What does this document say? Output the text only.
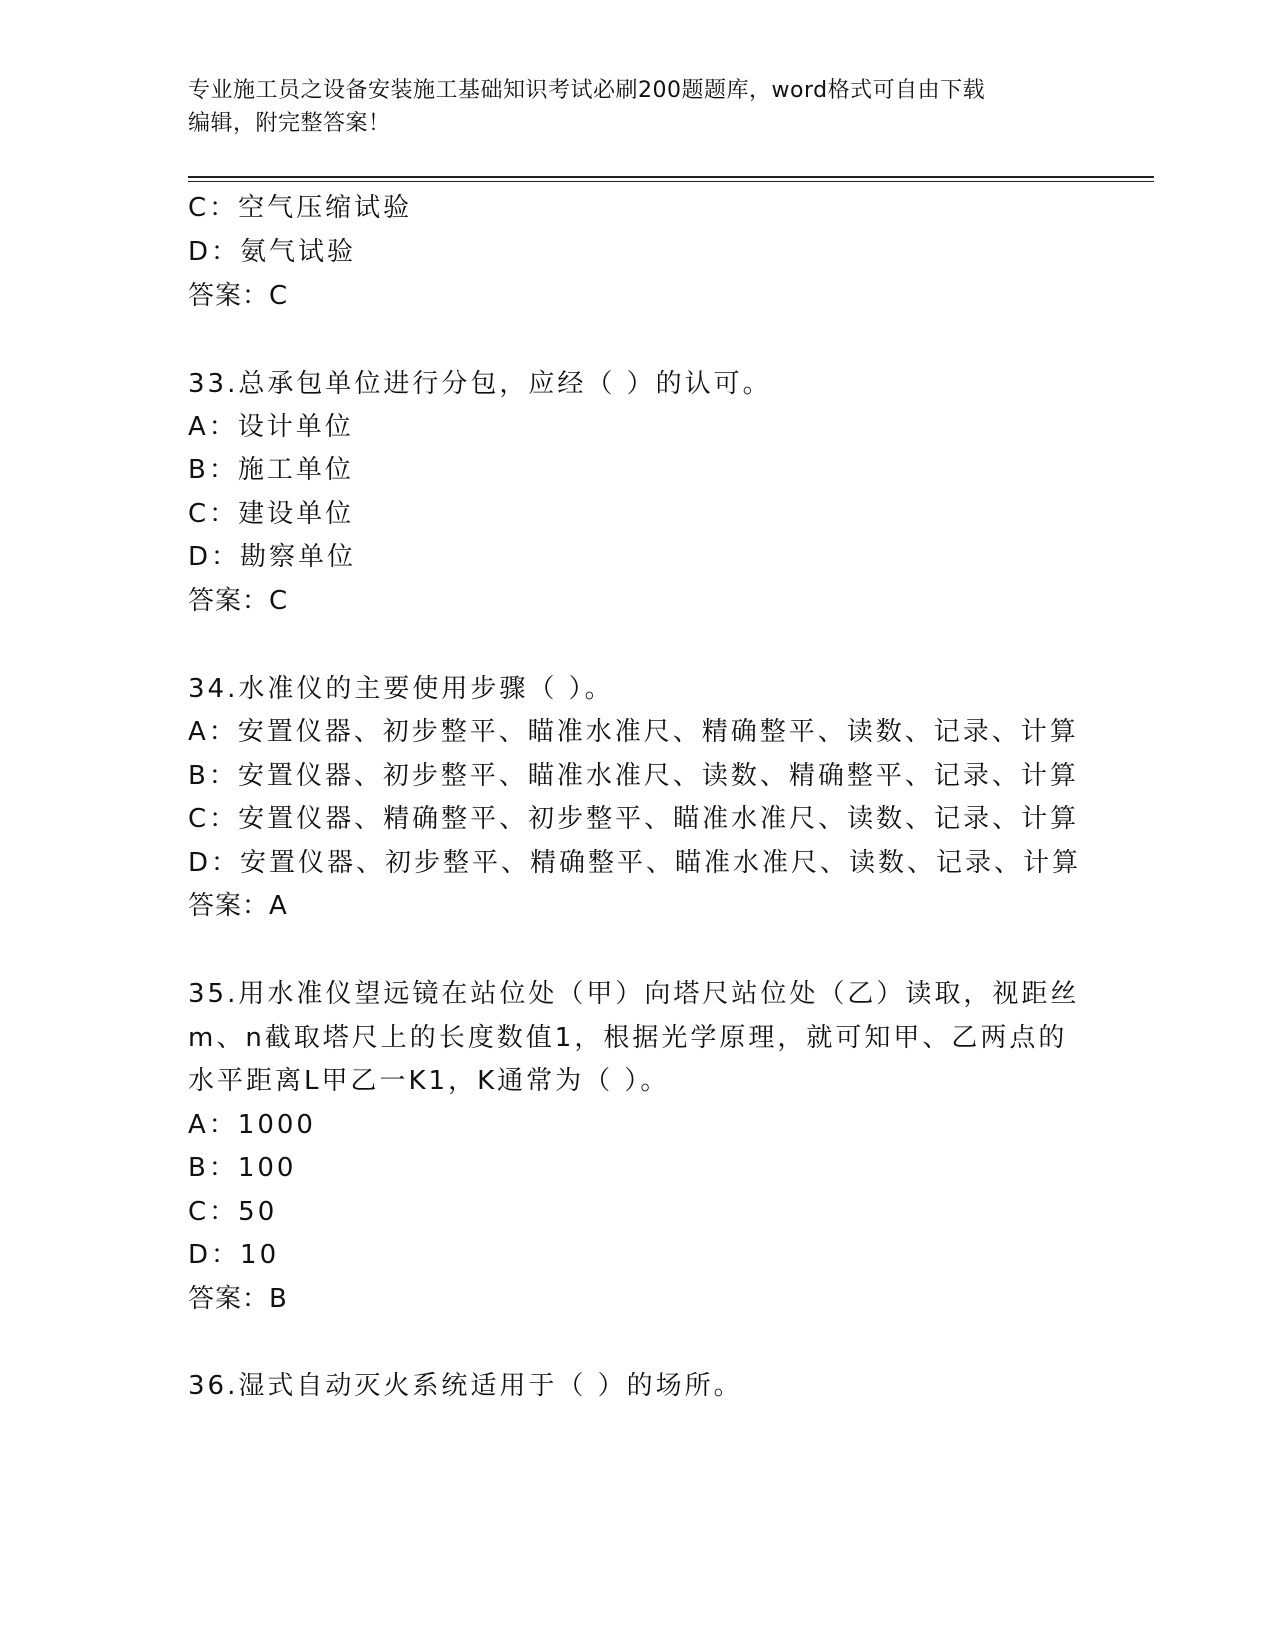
专业施工员之设备安装施工基础知识考试必刷200题题库，word格式可自由下载
编辑，附完整答案！
C：空气压缩试验
D：氨气试验
答案：C
33.总承包单位进行分包，应经（ ）的认可。
A：设计单位
B：施工单位
C：建设单位
D：勘察单位
答案：C
34.水准仪的主要使用步骤（ ）。
A：安置仪器、初步整平、瞄准水准尺、精确整平、读数、记录、计算
B：安置仪器、初步整平、瞄准水准尺、读数、精确整平、记录、计算
C：安置仪器、精确整平、初步整平、瞄准水准尺、读数、记录、计算
D：安置仪器、初步整平、精确整平、瞄准水准尺、读数、记录、计算
答案：A
35.用水准仪望远镜在站位处（甲）向塔尺站位处（乙）读取，视距丝
m、n截取塔尺上的长度数值1，根据光学原理，就可知甲、乙两点的
水平距离L甲乙一K1，K通常为（ ）。
A：1000
B：100
C：50
D：10
答案：B
36.湿式自动灭火系统适用于（ ）的场所。
